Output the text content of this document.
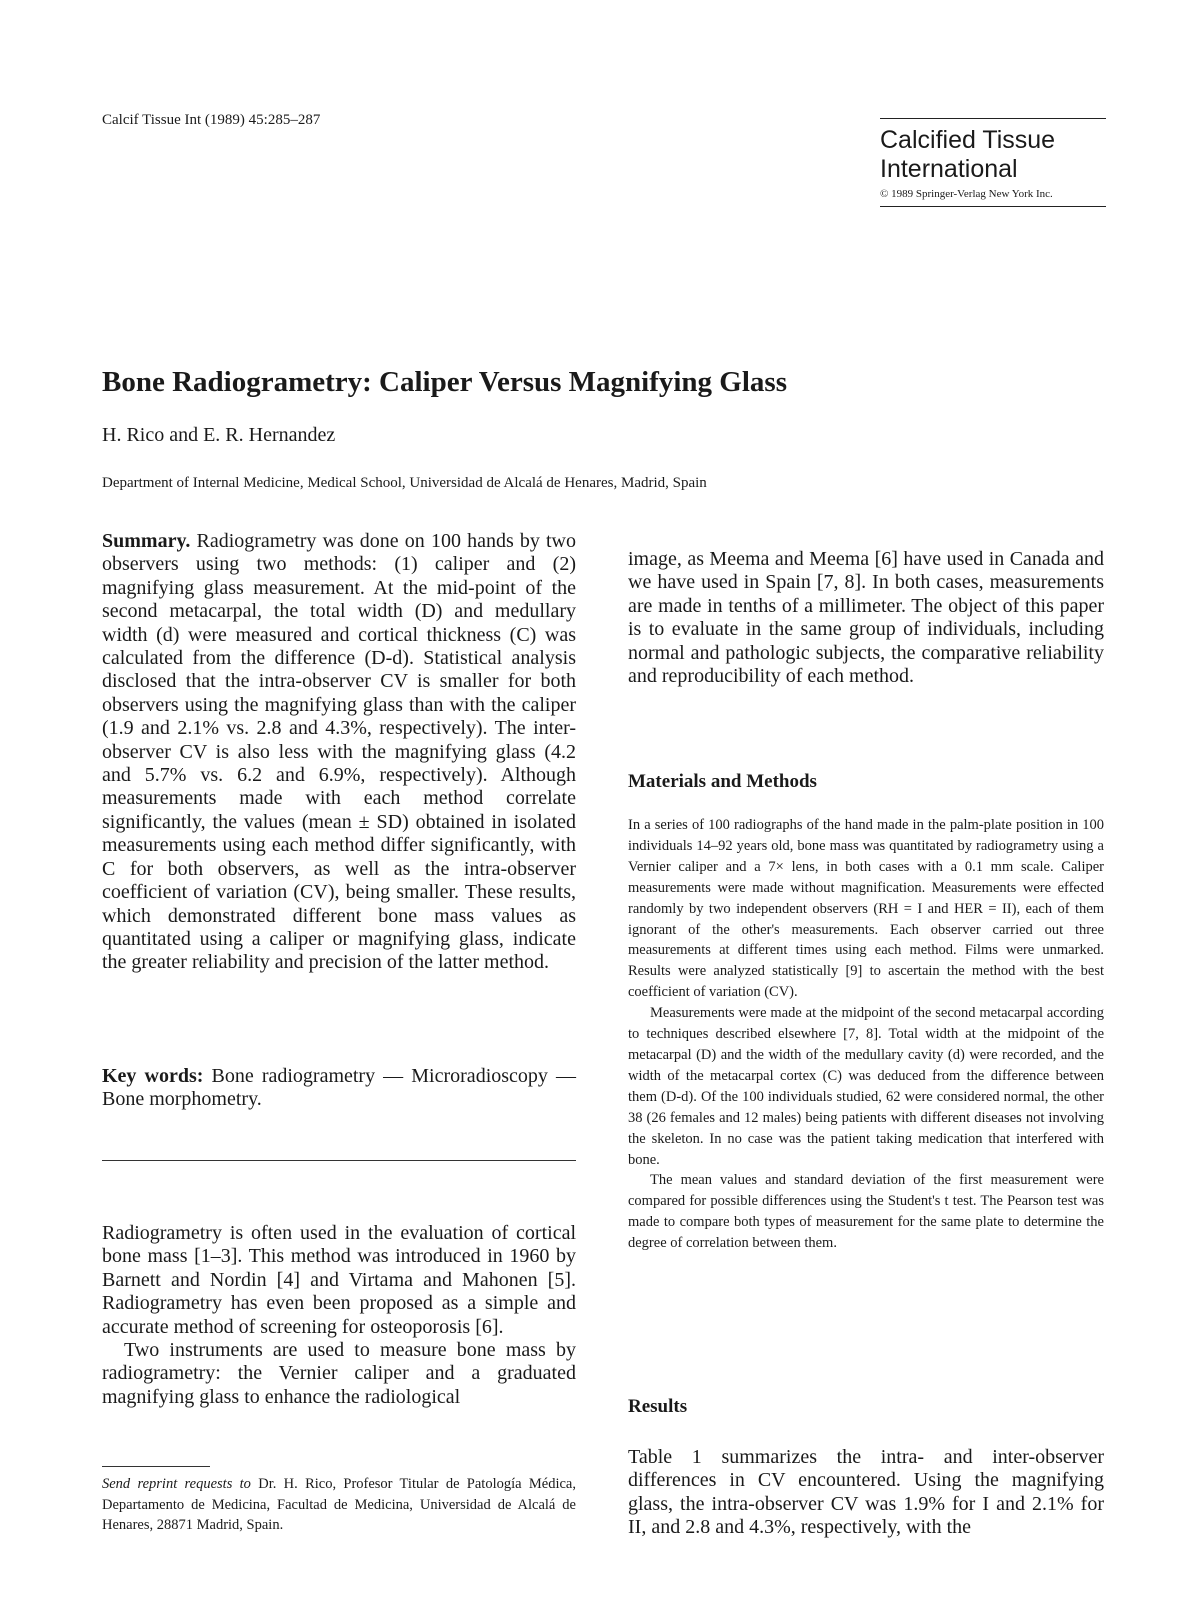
Calcif Tissue Int (1989) 45:285–287
Calcified Tissue
International
© 1989 Springer-Verlag New York Inc.
Bone Radiogrametry: Caliper Versus Magnifying Glass
H. Rico and E. R. Hernandez
Department of Internal Medicine, Medical School, Universidad de Alcalá de Henares, Madrid, Spain

Summary. Radiogrametry was done on 100 hands by two observers using two methods: (1) caliper and (2) magnifying glass measurement. At the mid-point of the second metacarpal, the total width (D) and medullary width (d) were measured and cortical thickness (C) was calculated from the difference (D-d). Statistical analysis disclosed that the intra-observer CV is smaller for both observers using the magnifying glass than with the caliper (1.9 and 2.1% vs. 2.8 and 4.3%, respectively). The inter-observer CV is also less with the magnifying glass (4.2 and 5.7% vs. 6.2 and 6.9%, respectively). Although measurements made with each method correlate significantly, the values (mean ± SD) obtained in isolated measurements using each method differ significantly, with C for both observers, as well as the intra-observer coefficient of variation (CV), being smaller. These results, which demonstrated different bone mass values as quantitated using a caliper or magnifying glass, indicate the greater reliability and precision of the latter method.

Key words: Bone radiogrametry — Microradioscopy — Bone morphometry.

Radiogrametry is often used in the evaluation of cortical bone mass [1–3]. This method was introduced in 1960 by Barnett and Nordin [4] and Virtama and Mahonen [5]. Radiogrametry has even been proposed as a simple and accurate method of screening for osteoporosis [6].

Two instruments are used to measure bone mass by radiogrametry: the Vernier caliper and a graduated magnifying glass to enhance the radiological

Send reprint requests to Dr. H. Rico, Profesor Titular de Patología Médica, Departamento de Medicina, Facultad de Medicina, Universidad de Alcalá de Henares, 28871 Madrid, Spain.

image, as Meema and Meema [6] have used in Canada and we have used in Spain [7, 8]. In both cases, measurements are made in tenths of a millimeter. The object of this paper is to evaluate in the same group of individuals, including normal and pathologic subjects, the comparative reliability and reproducibility of each method.

Materials and Methods

In a series of 100 radiographs of the hand made in the palm-plate position in 100 individuals 14–92 years old, bone mass was quantitated by radiogrametry using a Vernier caliper and a 7× lens, in both cases with a 0.1 mm scale. Caliper measurements were made without magnification. Measurements were effected randomly by two independent observers (RH = I and HER = II), each of them ignorant of the other's measurements. Each observer carried out three measurements at different times using each method. Films were unmarked. Results were analyzed statistically [9] to ascertain the method with the best coefficient of variation (CV).

Measurements were made at the midpoint of the second metacarpal according to techniques described elsewhere [7, 8]. Total width at the midpoint of the metacarpal (D) and the width of the medullary cavity (d) were recorded, and the width of the metacarpal cortex (C) was deduced from the difference between them (D-d). Of the 100 individuals studied, 62 were considered normal, the other 38 (26 females and 12 males) being patients with different diseases not involving the skeleton. In no case was the patient taking medication that interfered with bone.

The mean values and standard deviation of the first measurement were compared for possible differences using the Student's t test. The Pearson test was made to compare both types of measurement for the same plate to determine the degree of correlation between them.

Results

Table 1 summarizes the intra- and inter-observer differences in CV encountered. Using the magnifying glass, the intra-observer CV was 1.9% for I and 2.1% for II, and 2.8 and 4.3%, respectively, with the
